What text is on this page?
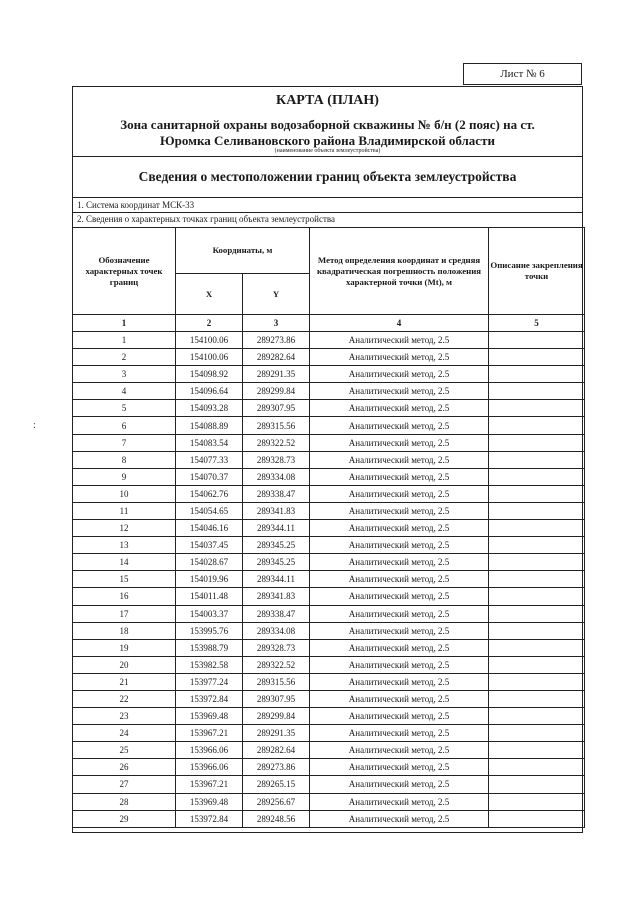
Лист № 6
КАРТА (ПЛАН)
Зона санитарной охраны водозаборной скважины № б/н (2 пояс) на ст.
Юромка Селивановского района Владимирской области
(наименование объекта землеустройства)
Сведения о местоположении границ объекта землеустройства
1. Система координат МСК-33
2. Сведения о характерных точках границ объекта землеустройства
Обозначение характерных точек границ	Координаты, м		Метод определения координат и средняя квадратическая погрешность положения характерной точки (Mt), м	Описание закрепления точки
	X	Y		
1	2	3	4	5
1	154100.06	289273.86	Аналитический метод, 2.5	
2	154100.06	289282.64	Аналитический метод, 2.5	
3	154098.92	289291.35	Аналитический метод, 2.5	
4	154096.64	289299.84	Аналитический метод, 2.5	
5	154093.28	289307.95	Аналитический метод, 2.5	
6	154088.89	289315.56	Аналитический метод, 2.5	
7	154083.54	289322.52	Аналитический метод, 2.5	
8	154077.33	289328.73	Аналитический метод, 2.5	
9	154070.37	289334.08	Аналитический метод, 2.5	
10	154062.76	289338.47	Аналитический метод, 2.5	
11	154054.65	289341.83	Аналитический метод, 2.5	
12	154046.16	289344.11	Аналитический метод, 2.5	
13	154037.45	289345.25	Аналитический метод, 2.5	
14	154028.67	289345.25	Аналитический метод, 2.5	
15	154019.96	289344.11	Аналитический метод, 2.5	
16	154011.48	289341.83	Аналитический метод, 2.5	
17	154003.37	289338.47	Аналитический метод, 2.5	
18	153995.76	289334.08	Аналитический метод, 2.5	
19	153988.79	289328.73	Аналитический метод, 2.5	
20	153982.58	289322.52	Аналитический метод, 2.5	
21	153977.24	289315.56	Аналитический метод, 2.5	
22	153972.84	289307.95	Аналитический метод, 2.5	
23	153969.48	289299.84	Аналитический метод, 2.5	
24	153967.21	289291.35	Аналитический метод, 2.5	
25	153966.06	289282.64	Аналитический метод, 2.5	
26	153966.06	289273.86	Аналитический метод, 2.5	
27	153967.21	289265.15	Аналитический метод, 2.5	
28	153969.48	289256.67	Аналитический метод, 2.5	
29	153972.84	289248.56	Аналитический метод, 2.5	
:
